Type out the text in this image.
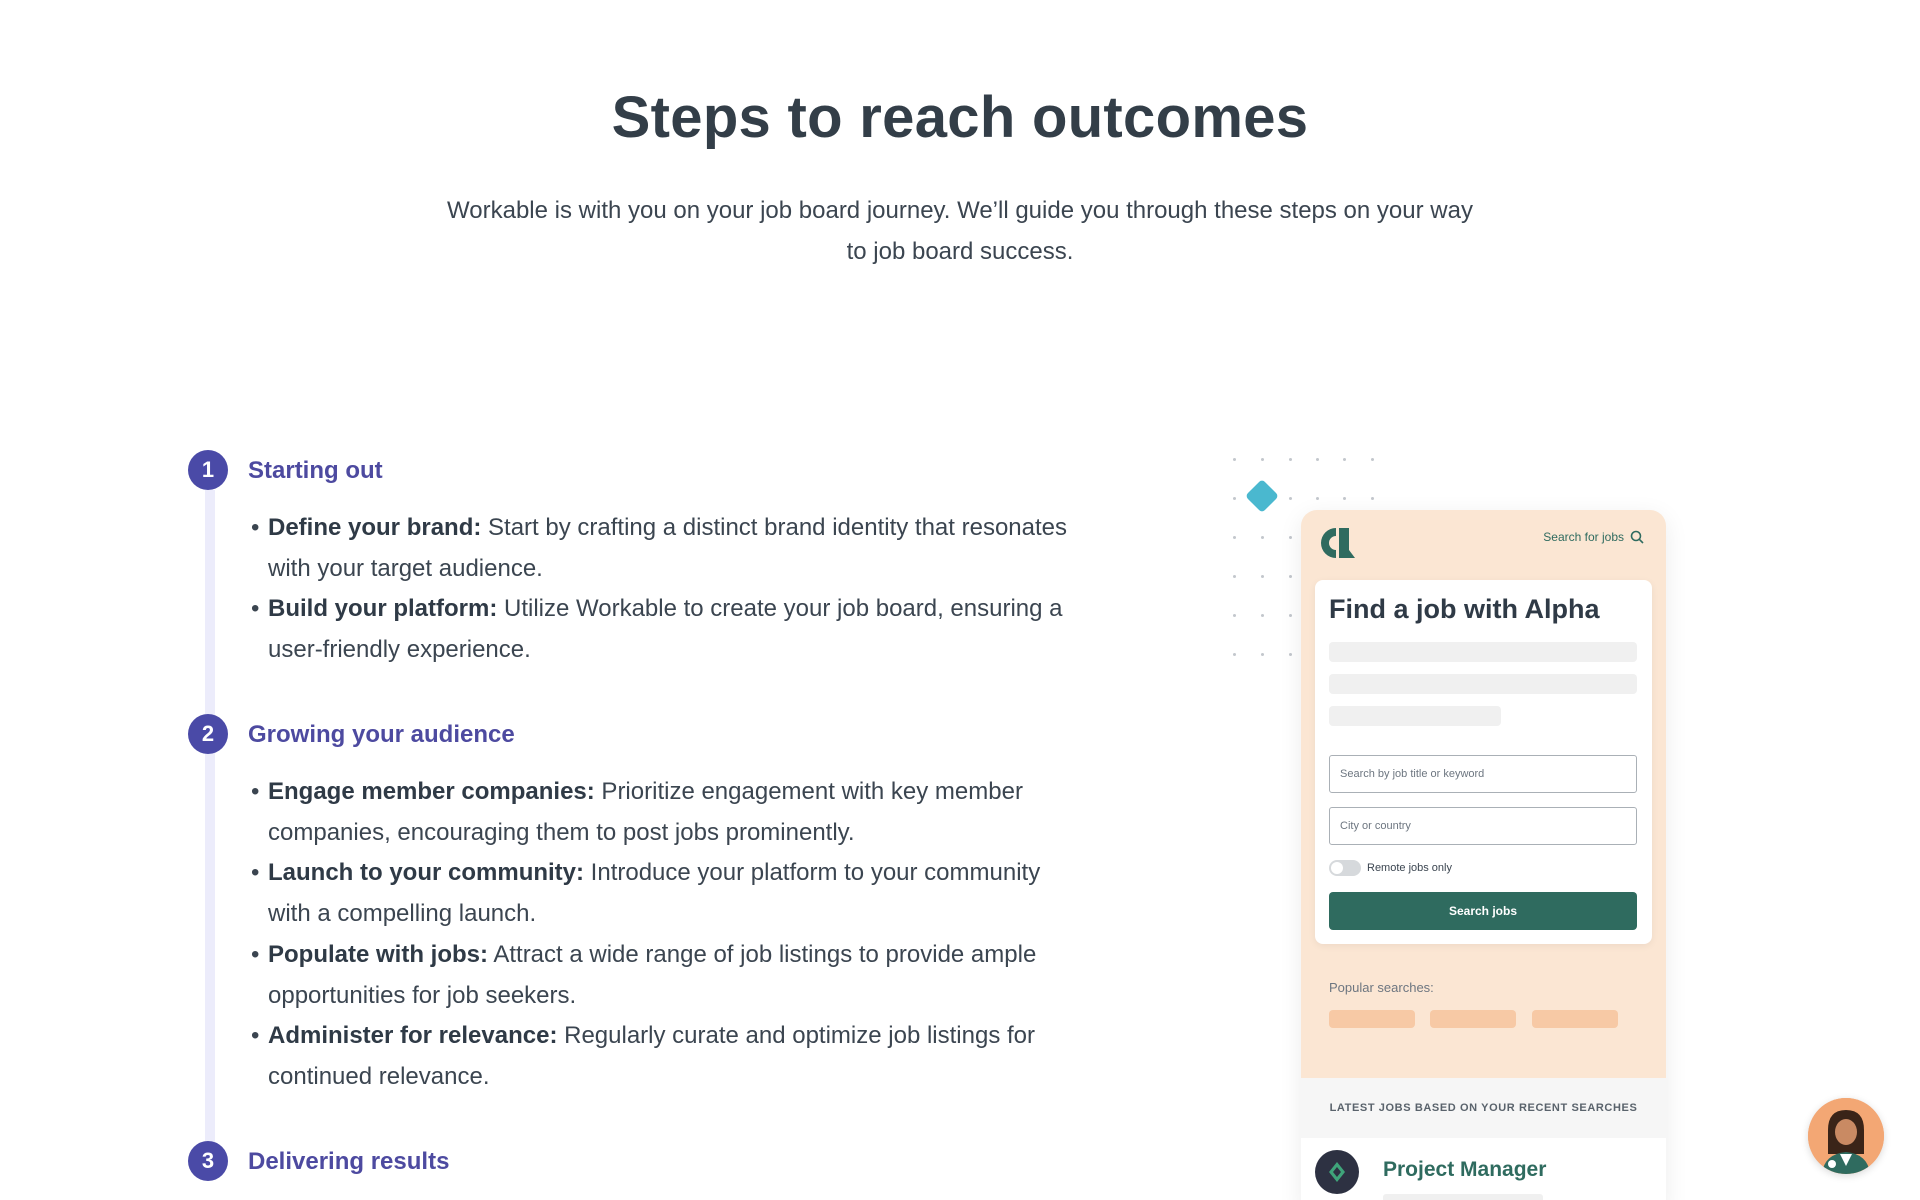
Steps to reach outcomes

Workable is with you on your job board journey. We’ll guide you through these steps on your way to job board success.

1	Starting out
• Define your brand: Start by crafting a distinct brand identity that resonates with your target audience.
• Build your platform: Utilize Workable to create your job board, ensuring a user-friendly experience.
2	Growing your audience
• Engage member companies: Prioritize engagement with key member companies, encouraging them to post jobs prominently.
• Launch to your community: Introduce your platform to your community with a compelling launch.
• Populate with jobs: Attract a wide range of job listings to provide ample opportunities for job seekers.
• Administer for relevance: Regularly curate and optimize job listings for continued relevance.
3	Delivering results
Search for jobs
Find a job with Alpha
Search by job title or keyword
City or country
Remote jobs only
Search jobs
Popular searches:
LATEST JOBS BASED ON YOUR RECENT SEARCHES
Project Manager
